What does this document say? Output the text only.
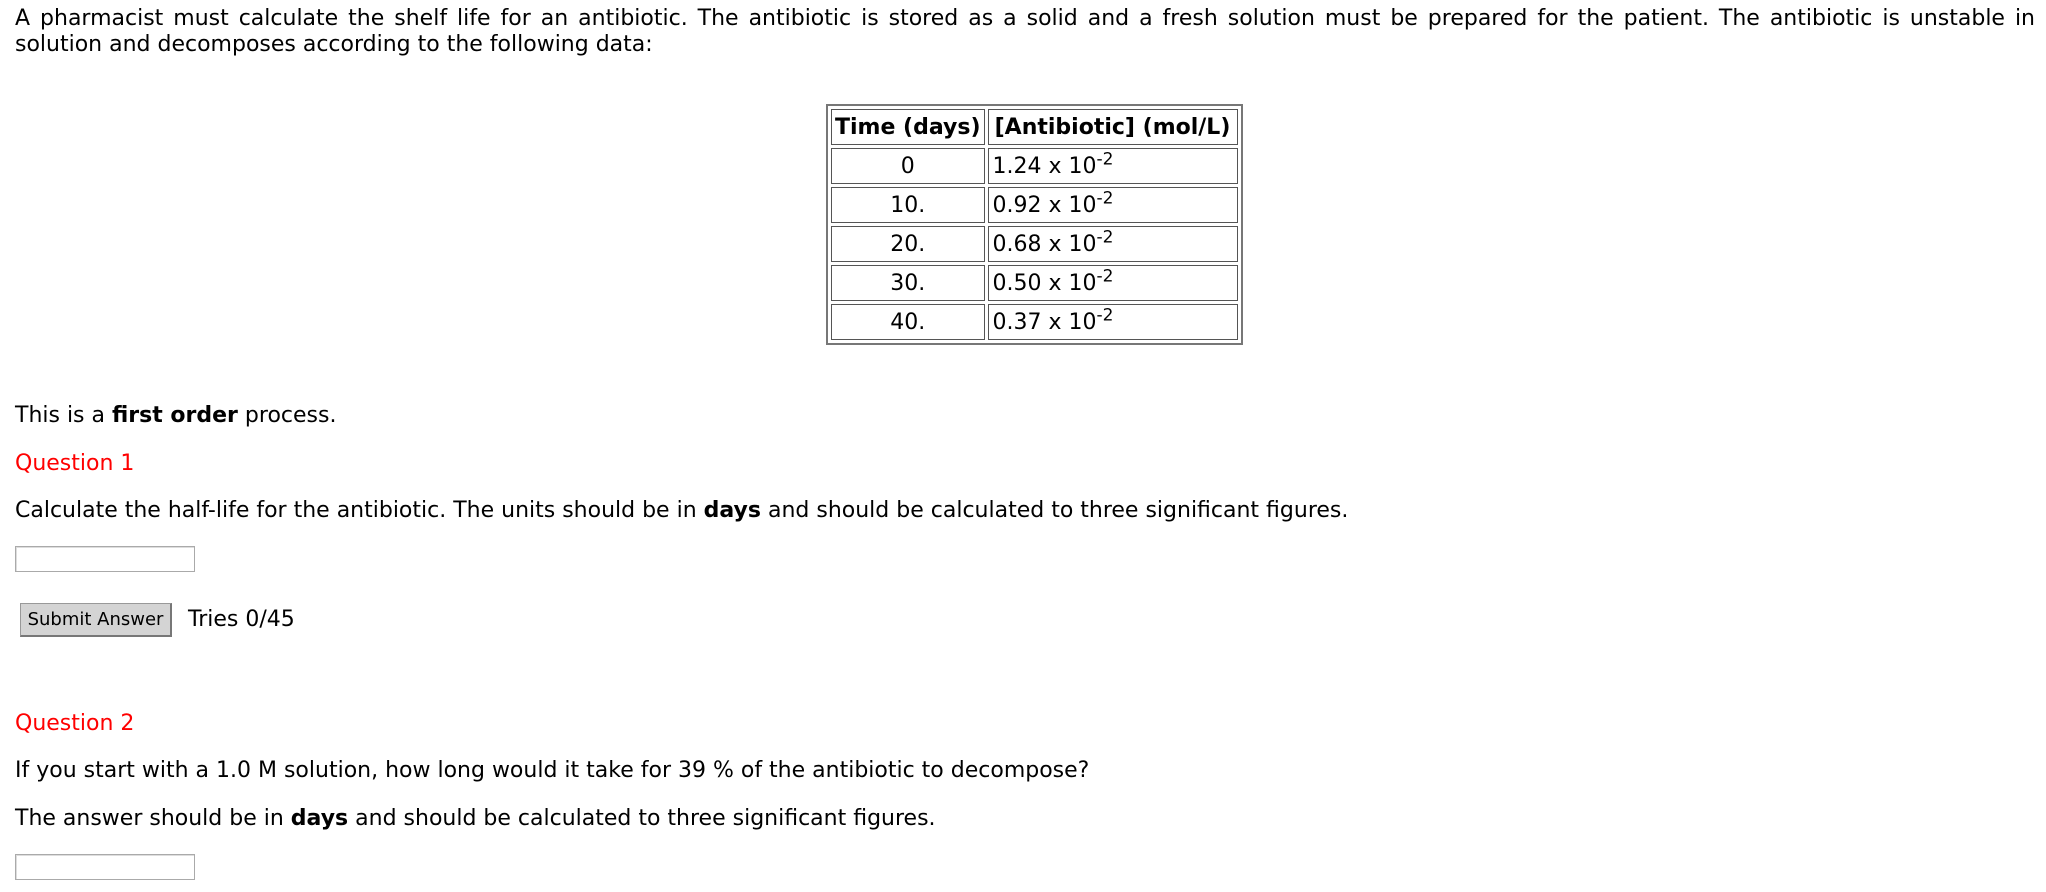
A pharmacist must calculate the shelf life for an antibiotic. The antibiotic is stored as a solid and a fresh solution must be prepared for the patient. The antibiotic is unstable in solution and decomposes according to the following data:

Time (days)	[Antibiotic] (mol/L)
0	1.24 x $10^{-2}$
10.	0.92 x $10^{-2}$
20.	0.68 x $10^{-2}$
30.	0.50 x $10^{-2}$
40.	0.37 x $10^{-2}$

This is a first order process.

Question 1

Calculate the half-life for the antibiotic. The units should be in days and should be calculated to three significant figures.

Submit Answer	Tries 0/45

Question 2

If you start with a 1.0 M solution, how long would it take for 39 % of the antibiotic to decompose?

The answer should be in days and should be calculated to three significant figures.
